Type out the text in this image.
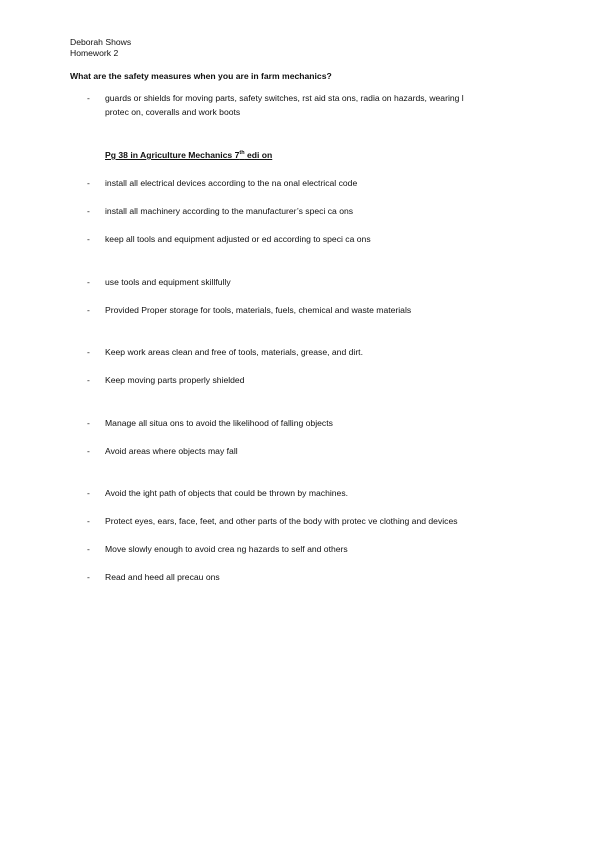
Deborah Shows
Homework 2
What are the safety measures when you are in farm mechanics?
- guards or shields for moving parts, safety switches, rst aid sta ons, radia on hazards, wearing l
protec on, coveralls and work boots
Pg 38 in Agriculture Mechanics 7th edi on
- install all electrical devices according to the na onal electrical code
- install all machinery according to the manufacturer’s speci ca ons
- keep all tools and equipment adjusted or ed according to speci ca ons
- use tools and equipment skillfully
- Provided Proper storage for tools, materials, fuels, chemical and waste materials
- Keep work areas clean and free of tools, materials, grease, and dirt.
- Keep moving parts properly shielded
- Manage all situa ons to avoid the likelihood of falling objects
- Avoid areas where objects may fall
- Avoid the ight path of objects that could be thrown by machines.
- Protect eyes, ears, face, feet, and other parts of the body with protec ve clothing and devices
- Move slowly enough to avoid crea ng hazards to self and others
- Read and heed all precau ons
